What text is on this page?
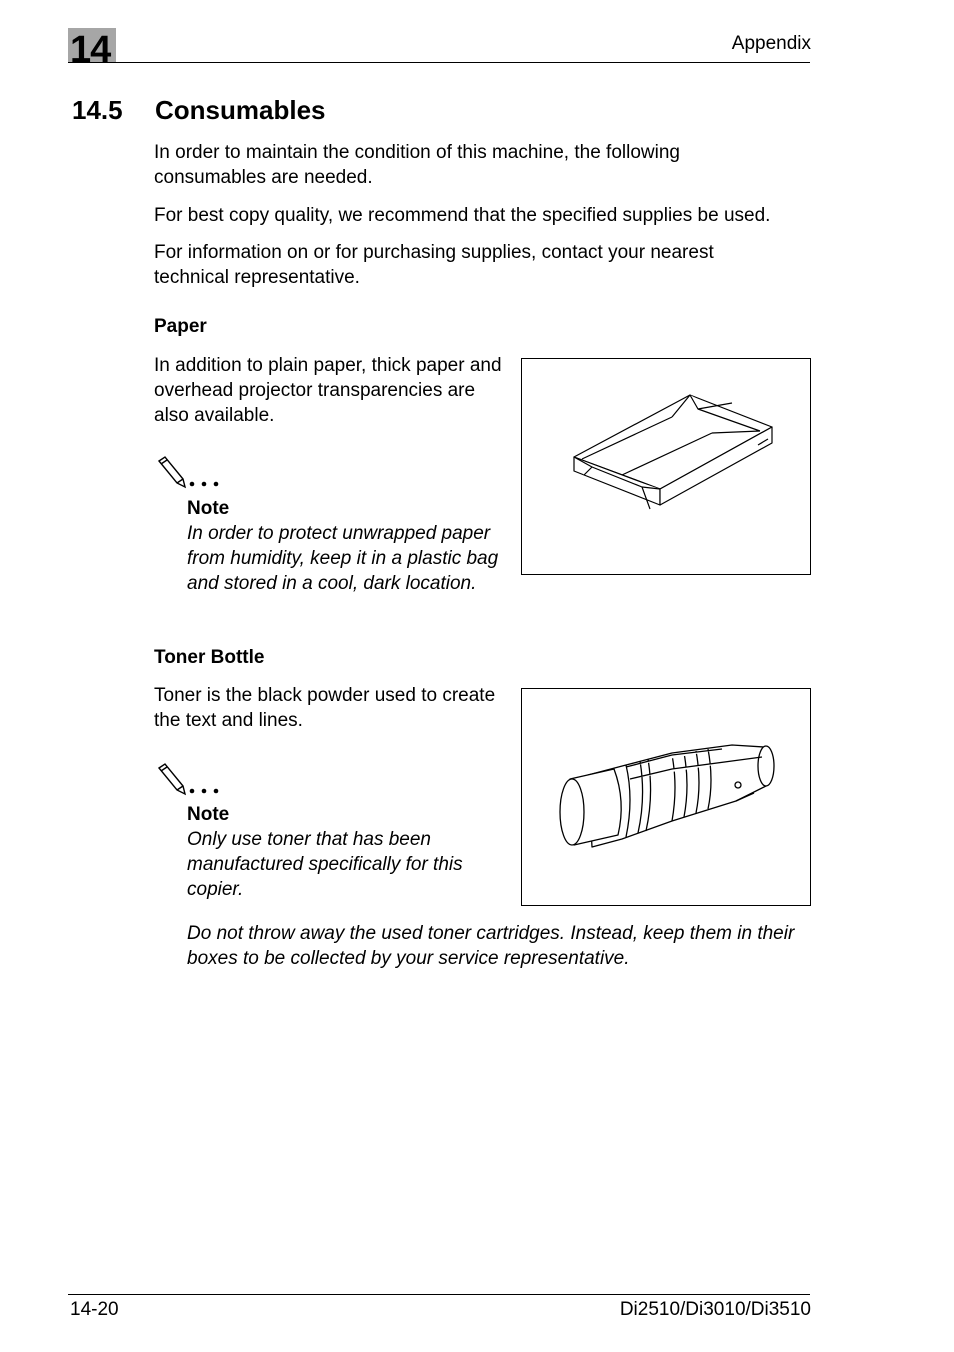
14	Appendix
14.5 Consumables
In order to maintain the condition of this machine, the following consumables are needed.
For best copy quality, we recommend that the specified supplies be used.
For information on or for purchasing supplies, contact your nearest technical representative.
Paper
In addition to plain paper, thick paper and overhead projector transparencies are also available.
Note
In order to protect unwrapped paper from humidity, keep it in a plastic bag and stored in a cool, dark location.
Toner Bottle
Toner is the black powder used to create the text and lines.
Note
Only use toner that has been manufactured specifically for this copier.
Do not throw away the used toner cartridges. Instead, keep them in their boxes to be collected by your service representative.
14-20	Di2510/Di3010/Di3510
